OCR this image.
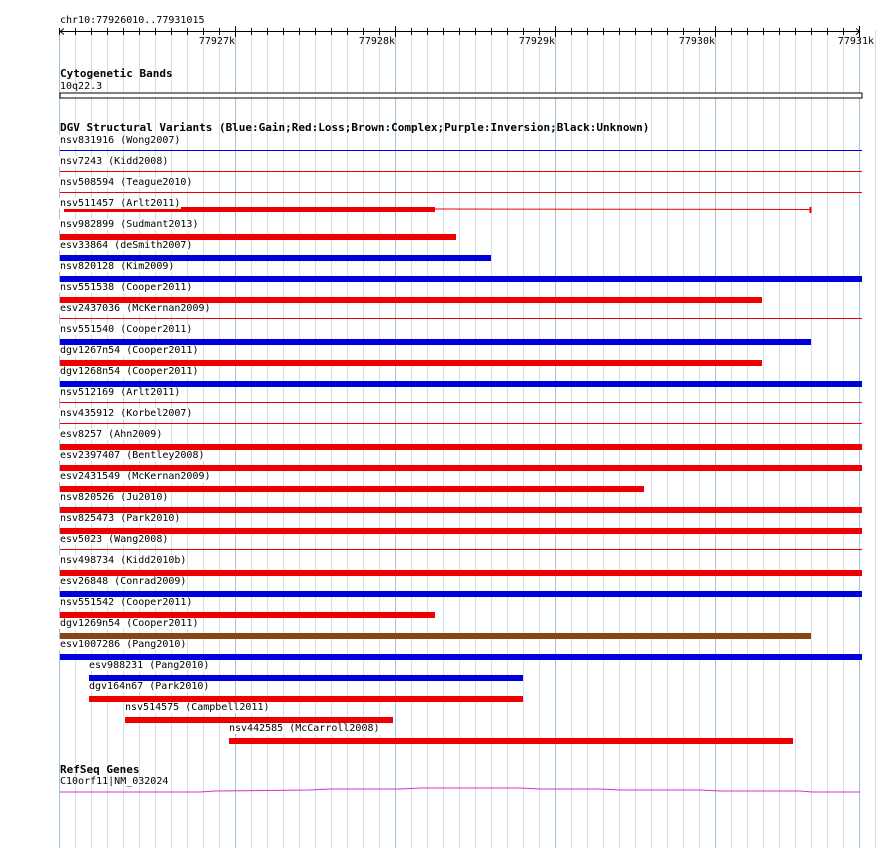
77927k	77928k	77929k	77930k	77931k
chr10:77926010..77931015
Cytogenetic Bands
10q22.3
DGV Structural Variants (Blue:Gain;Red:Loss;Brown:Complex;Purple:Inversion;Black:Unknown)
RefSeq Genes
C10orf11|NM_032024
nsv831916 (Wong2007)
nsv7243 (Kidd2008)
nsv508594 (Teague2010)
nsv511457 (Arlt2011)
nsv982899 (Sudmant2013)
esv33864 (deSmith2007)
nsv820128 (Kim2009)
nsv551538 (Cooper2011)
esv2437036 (McKernan2009)
nsv551540 (Cooper2011)
dgv1267n54 (Cooper2011)
dgv1268n54 (Cooper2011)
nsv512169 (Arlt2011)
nsv435912 (Korbel2007)
esv8257 (Ahn2009)
esv2397407 (Bentley2008)
esv2431549 (McKernan2009)
nsv820526 (Ju2010)
nsv825473 (Park2010)
esv5023 (Wang2008)
nsv498734 (Kidd2010b)
esv26848 (Conrad2009)
nsv551542 (Cooper2011)
dgv1269n54 (Cooper2011)
esv1007286 (Pang2010)
esv988231 (Pang2010)
dgv164n67 (Park2010)
nsv514575 (Campbell2011)
nsv442585 (McCarroll2008)
